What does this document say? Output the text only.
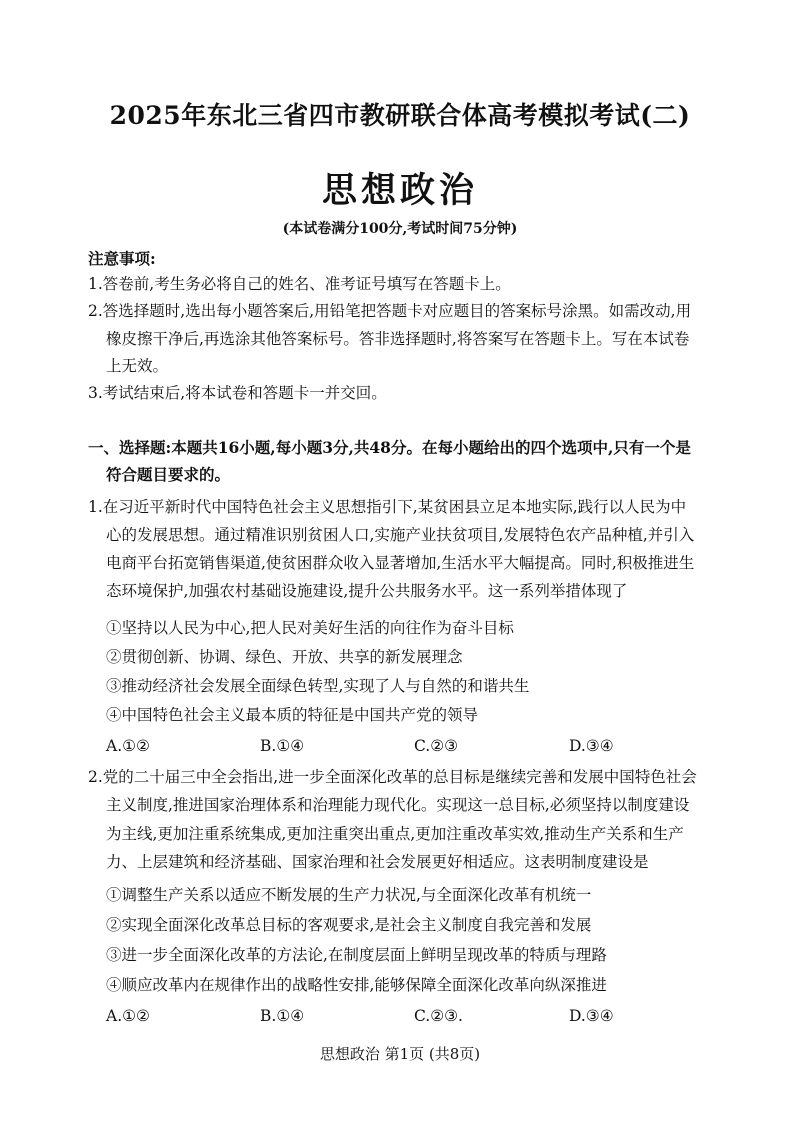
2025年东北三省四市教研联合体高考模拟考试(二)
思想政治
(本试卷满分100分,考试时间75分钟)
注意事项:
1.答卷前,考生务必将自己的姓名、准考证号填写在答题卡上。
2.答选择题时,选出每小题答案后,用铅笔把答题卡对应题目的答案标号涂黑。如需改动,用
橡皮擦干净后,再选涂其他答案标号。答非选择题时,将答案写在答题卡上。写在本试卷
上无效。
3.考试结束后,将本试卷和答题卡一并交回。
一、选择题:本题共16小题,每小题3分,共48分。在每小题给出的四个选项中,只有一个是
符合题目要求的。
1.在习近平新时代中国特色社会主义思想指引下,某贫困县立足本地实际,践行以人民为中
心的发展思想。通过精准识别贫困人口,实施产业扶贫项目,发展特色农产品种植,并引入
电商平台拓宽销售渠道,使贫困群众收入显著增加,生活水平大幅提高。同时,积极推进生
态环境保护,加强农村基础设施建设,提升公共服务水平。这一系列举措体现了
①坚持以人民为中心,把人民对美好生活的向往作为奋斗目标
②贯彻创新、协调、绿色、开放、共享的新发展理念
③推动经济社会发展全面绿色转型,实现了人与自然的和谐共生
④中国特色社会主义最本质的特征是中国共产党的领导
A.①②	B.①④	C.②③	D.③④
2.党的二十届三中全会指出,进一步全面深化改革的总目标是继续完善和发展中国特色社会
主义制度,推进国家治理体系和治理能力现代化。实现这一总目标,必须坚持以制度建设
为主线,更加注重系统集成,更加注重突出重点,更加注重改革实效,推动生产关系和生产
力、上层建筑和经济基础、国家治理和社会发展更好相适应。这表明制度建设是
①调整生产关系以适应不断发展的生产力状况,与全面深化改革有机统一
②实现全面深化改革总目标的客观要求,是社会主义制度自我完善和发展
③进一步全面深化改革的方法论,在制度层面上鲜明呈现改革的特质与理路
④顺应改革内在规律作出的战略性安排,能够保障全面深化改革向纵深推进
A.①②	B.①④	C.②③.	D.③④
思想政治 第1页 (共8页)
